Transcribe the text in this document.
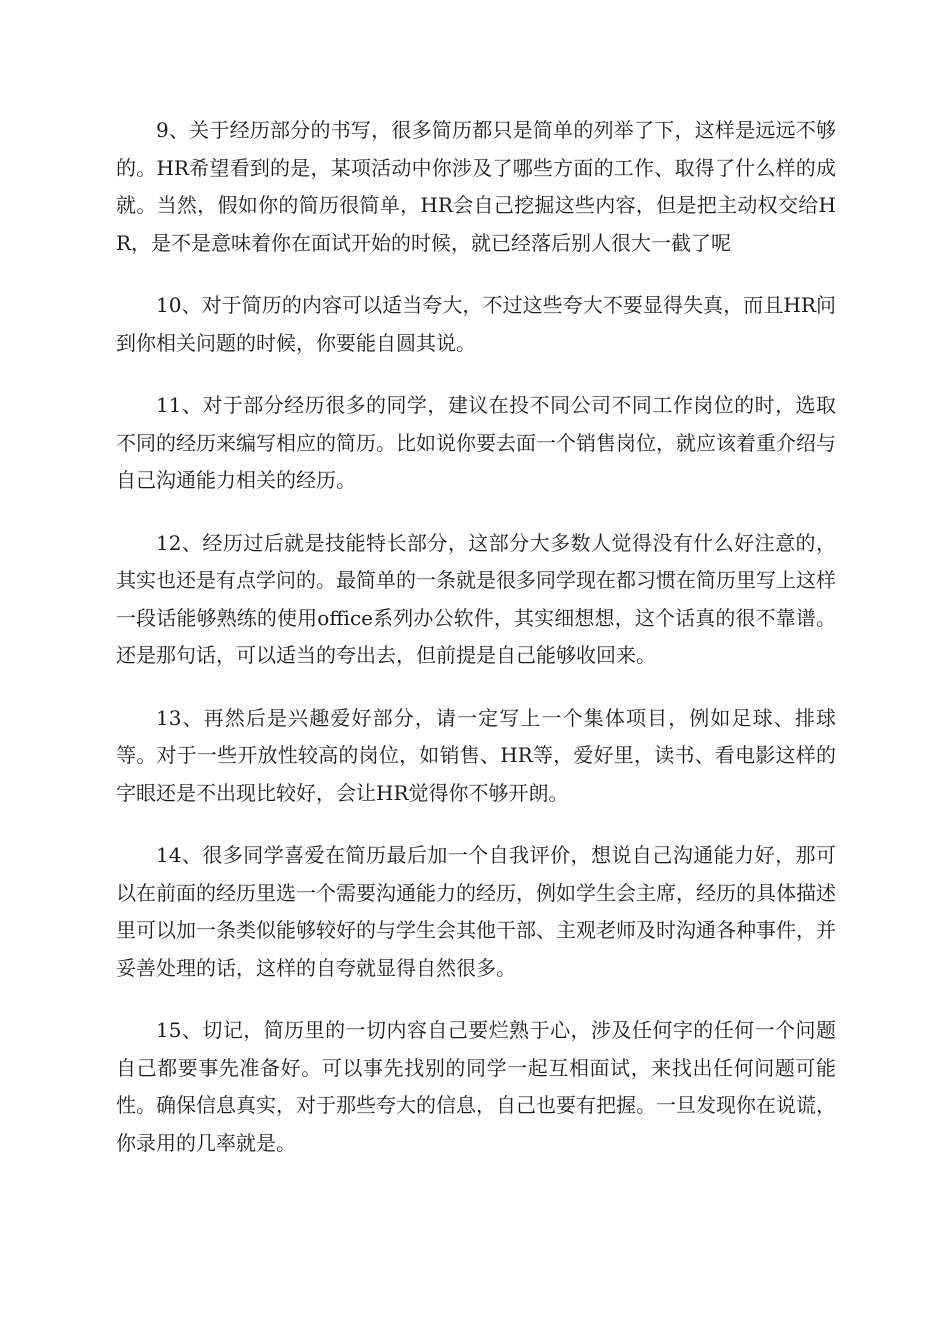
9、关于经历部分的书写，很多简历都只是简单的列举了下，这样是远远不够的。HR希望看到的是，某项活动中你涉及了哪些方面的工作、取得了什么样的成就。当然，假如你的简历很简单，HR会自己挖掘这些内容，但是把主动权交给HR，是不是意味着你在面试开始的时候，就已经落后别人很大一截了呢

10、对于简历的内容可以适当夸大，不过这些夸大不要显得失真，而且HR问到你相关问题的时候，你要能自圆其说。

11、对于部分经历很多的同学，建议在投不同公司不同工作岗位的时，选取不同的经历来编写相应的简历。比如说你要去面一个销售岗位，就应该着重介绍与自己沟通能力相关的经历。

12、经历过后就是技能特长部分，这部分大多数人觉得没有什么好注意的，其实也还是有点学问的。最简单的一条就是很多同学现在都习惯在简历里写上这样一段话能够熟练的使用office系列办公软件，其实细想想，这个话真的很不靠谱。还是那句话，可以适当的夸出去，但前提是自己能够收回来。

13、再然后是兴趣爱好部分，请一定写上一个集体项目，例如足球、排球等。对于一些开放性较高的岗位，如销售、HR等，爱好里，读书、看电影这样的字眼还是不出现比较好，会让HR觉得你不够开朗。

14、很多同学喜爱在简历最后加一个自我评价，想说自己沟通能力好，那可以在前面的经历里选一个需要沟通能力的经历，例如学生会主席，经历的具体描述里可以加一条类似能够较好的与学生会其他干部、主观老师及时沟通各种事件，并妥善处理的话，这样的自夸就显得自然很多。

15、切记，简历里的一切内容自己要烂熟于心，涉及任何字的任何一个问题自己都要事先准备好。可以事先找别的同学一起互相面试，来找出任何问题可能性。确保信息真实，对于那些夸大的信息，自己也要有把握。一旦发现你在说谎，你录用的几率就是。
